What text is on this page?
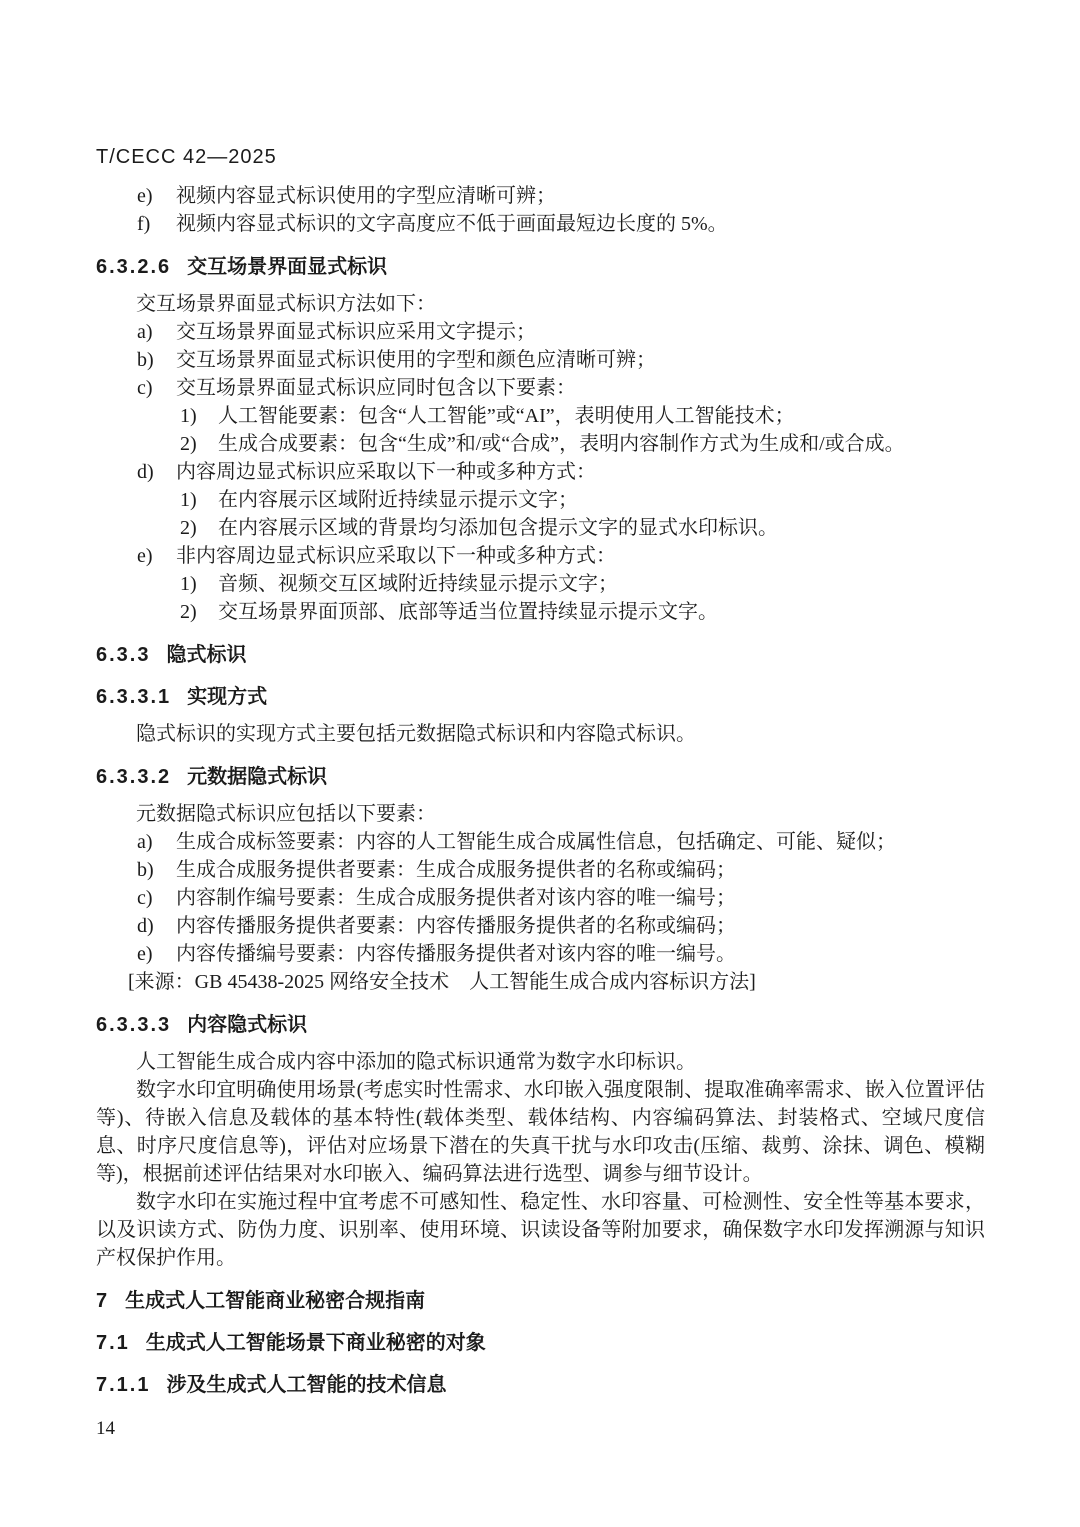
T/CECC 42—2025
e)	视频内容显式标识使用的字型应清晰可辨；
f)	视频内容显式标识的文字高度应不低于画面最短边长度的 5%。
6.3.2.6 交互场景界面显式标识

交互场景界面显式标识方法如下：

a)	交互场景界面显式标识应采用文字提示；
b)	交互场景界面显式标识使用的字型和颜色应清晰可辨；
c)	交互场景界面显式标识应同时包含以下要素：
1)	人工智能要素：包含“人工智能”或“AI”，表明使用人工智能技术；
2)	生成合成要素：包含“生成”和/或“合成”，表明内容制作方式为生成和/或合成。
d)	内容周边显式标识应采取以下一种或多种方式：
1)	在内容展示区域附近持续显示提示文字；
2)	在内容展示区域的背景均匀添加包含提示文字的显式水印标识。
e)	非内容周边显式标识应采取以下一种或多种方式：
1)	音频、视频交互区域附近持续显示提示文字；
2)	交互场景界面顶部、底部等适当位置持续显示提示文字。
6.3.3 隐式标识
6.3.3.1 实现方式

隐式标识的实现方式主要包括元数据隐式标识和内容隐式标识。

6.3.3.2 元数据隐式标识

元数据隐式标识应包括以下要素：

a)	生成合成标签要素：内容的人工智能生成合成属性信息，包括确定、可能、疑似；
b)	生成合成服务提供者要素：生成合成服务提供者的名称或编码；
c)	内容制作编号要素：生成合成服务提供者对该内容的唯一编号；
d)	内容传播服务提供者要素：内容传播服务提供者的名称或编码；
e)	内容传播编号要素：内容传播服务提供者对该内容的唯一编号。

[来源：GB 45438-2025 网络安全技术　人工智能生成合成内容标识方法]

6.3.3.3 内容隐式标识

人工智能生成合成内容中添加的隐式标识通常为数字水印标识。

数字水印宜明确使用场景(考虑实时性需求、水印嵌入强度限制、提取准确率需求、嵌入位置评估等)、待嵌入信息及载体的基本特性(载体类型、载体结构、内容编码算法、封装格式、空域尺度信息、时序尺度信息等)，评估对应场景下潜在的失真干扰与水印攻击(压缩、裁剪、涂抹、调色、模糊等)，根据前述评估结果对水印嵌入、编码算法进行选型、调参与细节设计。

数字水印在实施过程中宜考虑不可感知性、稳定性、水印容量、可检测性、安全性等基本要求，以及识读方式、防伪力度、识别率、使用环境、识读设备等附加要求，确保数字水印发挥溯源与知识产权保护作用。

7 生成式人工智能商业秘密合规指南
7.1 生成式人工智能场景下商业秘密的对象
7.1.1 涉及生成式人工智能的技术信息
14
